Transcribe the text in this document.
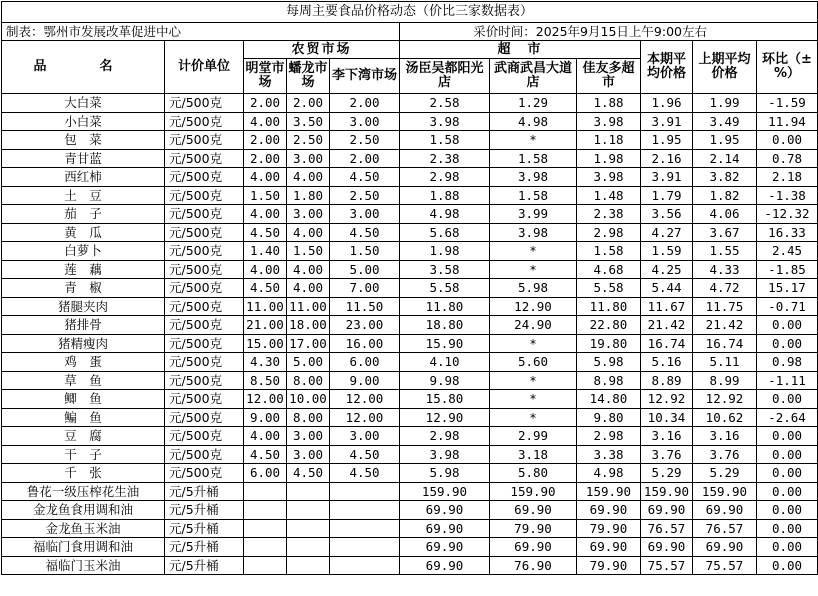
每周主要食品价格动态（价比三家数据表）										
制表：鄂州市发展改革促进中心					采价时间：2025年9月15日上午9:00左右					
品　名	计价单位	农贸市场			超　市			本期平均价格	上期平均价格	环比（±%）
		明堂市场	蟠龙市场	李下湾市场	汤臣吴都阳光店	武商武昌大道店	佳友多超市			
大白菜	元/500克	2.00	2.00	2.00	2.58	1.29	1.88	1.96	1.99	-1.59
小白菜	元/500克	4.00	3.50	3.00	3.98	4.98	3.98	3.91	3.49	11.94
包　菜	元/500克	2.00	2.50	2.50	1.58	*	1.18	1.95	1.95	0.00
青甘蓝	元/500克	2.00	3.00	2.00	2.38	1.58	1.98	2.16	2.14	0.78
西红柿	元/500克	4.00	4.00	4.50	2.98	3.98	3.98	3.91	3.82	2.18
土　豆	元/500克	1.50	1.80	2.50	1.88	1.58	1.48	1.79	1.82	-1.38
茄　子	元/500克	4.00	3.00	3.00	4.98	3.99	2.38	3.56	4.06	-12.32
黄　瓜	元/500克	4.50	4.00	4.50	5.68	3.98	2.98	4.27	3.67	16.33
白萝卜	元/500克	1.40	1.50	1.50	1.98	*	1.58	1.59	1.55	2.45
莲　藕	元/500克	4.00	4.00	5.00	3.58	*	4.68	4.25	4.33	-1.85
青　椒	元/500克	4.50	4.00	7.00	5.58	5.98	5.58	5.44	4.72	15.17
猪腿夹肉	元/500克	11.00	11.00	11.50	11.80	12.90	11.80	11.67	11.75	-0.71
猪排骨	元/500克	21.00	18.00	23.00	18.80	24.90	22.80	21.42	21.42	0.00
猪精瘦肉	元/500克	15.00	17.00	16.00	15.90	*	19.80	16.74	16.74	0.00
鸡　蛋	元/500克	4.30	5.00	6.00	4.10	5.60	5.98	5.16	5.11	0.98
草　鱼	元/500克	8.50	8.00	9.00	9.98	*	8.98	8.89	8.99	-1.11
鲫　鱼	元/500克	12.00	10.00	12.00	15.80	*	14.80	12.92	12.92	0.00
鳊　鱼	元/500克	9.00	8.00	12.00	12.90	*	9.80	10.34	10.62	-2.64
豆　腐	元/500克	4.00	3.00	3.00	2.98	2.99	2.98	3.16	3.16	0.00
干　子	元/500克	4.50	3.00	4.50	3.98	3.18	3.38	3.76	3.76	0.00
千　张	元/500克	6.00	4.50	4.50	5.98	5.80	4.98	5.29	5.29	0.00
鲁花一级压榨花生油	元/5升桶				159.90	159.90	159.90	159.90	159.90	0.00
金龙鱼食用调和油	元/5升桶				69.90	69.90	69.90	69.90	69.90	0.00
金龙鱼玉米油	元/5升桶				69.90	79.90	79.90	76.57	76.57	0.00
福临门食用调和油	元/5升桶				69.90	69.90	69.90	69.90	69.90	0.00
福临门玉米油	元/5升桶				69.90	76.90	79.90	75.57	75.57	0.00
